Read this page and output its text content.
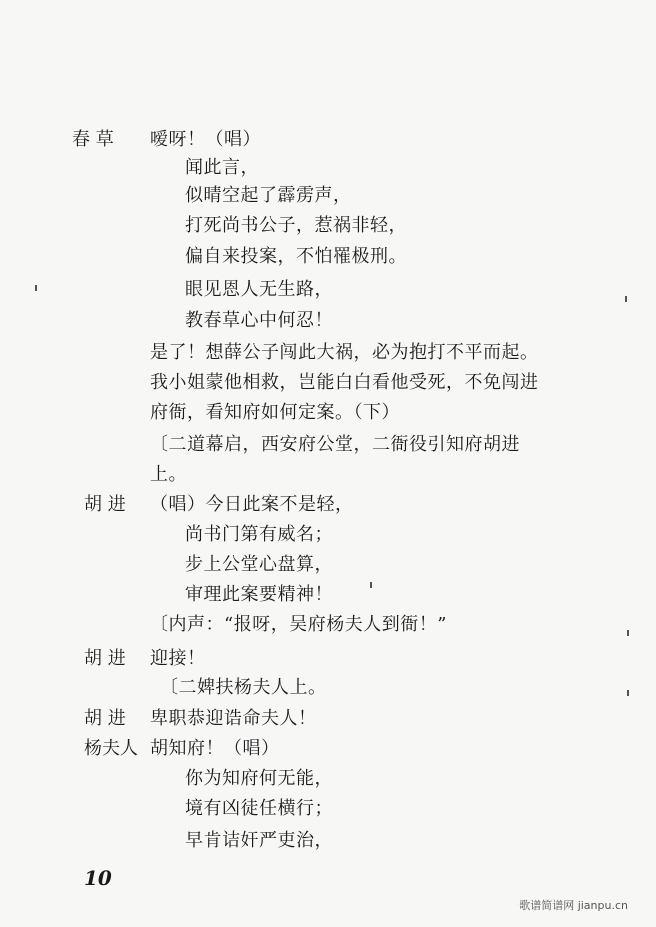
春 草
胡 进
胡 进
胡 进
杨夫人
嗳呀！（唱）
闻此言，
似晴空起了霹雳声，
打死尚书公子，惹祸非轻，
偏自来投案，不怕罹极刑。
眼见恩人无生路，
教春草心中何忍！
是了！想薛公子闯此大祸，必为抱打不平而起。
我小姐蒙他相救，岂能白白看他受死，不免闯进
府衙，看知府如何定案。（下）
〔二道幕启，西安府公堂，二衙役引知府胡进
上。
（唱）今日此案不是轻，
尚书门第有威名；
步上公堂心盘算，
审理此案要精神！
〔内声：“报呀，吴府杨夫人到衙！”
迎接！
〔二婢扶杨夫人上。
卑职恭迎诰命夫人！
胡知府！（唱）
你为知府何无能，
境有凶徒任横行；
早肯诘奸严吏治，
10
歌谱简谱网 jianpu.cn
